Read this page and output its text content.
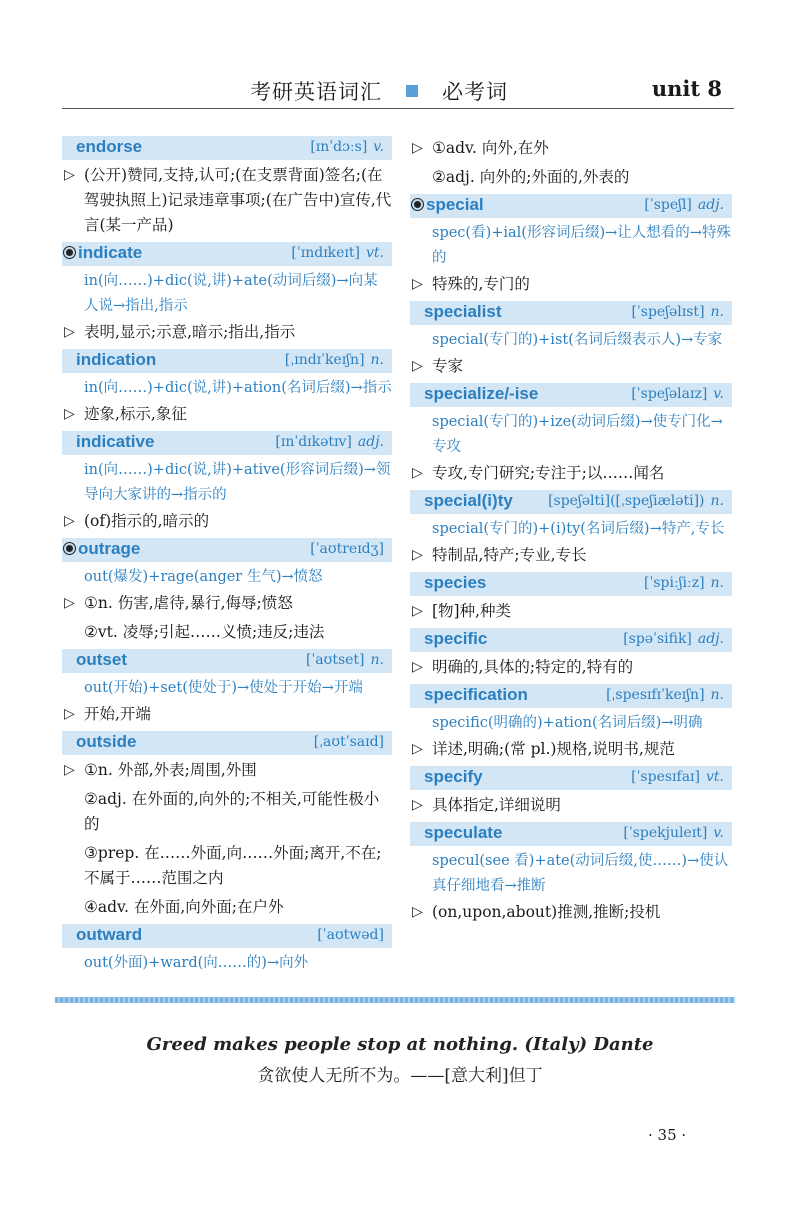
考研英语词汇	必考词	unit 8
endorse	[ɪnˈdɔːs] v.
▷ (公开)赞同,支持,认可;(在支票背面)签名;(在驾驶执照上)记录违章事项;(在广告中)宣传,代言(某一产品)
indicate	[ˈɪndɪkeɪt] vt.
in(向……)+dic(说,讲)+ate(动词后缀)→向某人说→指出,指示
▷ 表明,显示;示意,暗示;指出,指示
indication	[ˌɪndɪˈkeɪʃn] n.
in(向……)+dic(说,讲)+ation(名词后缀)→指示
▷ 迹象,标示,象征
indicative	[ɪnˈdɪkətɪv] adj.
in(向……)+dic(说,讲)+ative(形容词后缀)→领导向大家讲的→指示的
▷ (of)指示的,暗示的
outrage	[ˈaʊtreɪdʒ]
out(爆发)+rage(anger 生气)→愤怒
▷ ①n. 伤害,虐待,暴行,侮辱;愤怒
②vt. 凌辱;引起……义愤;违反;违法
outset	[ˈaʊtset] n.
out(开始)+set(使处于)→使处于开始→开端
▷ 开始,开端
outside	[ˌaʊtˈsaɪd]
▷ ①n. 外部,外表;周围,外围
②adj. 在外面的,向外的;不相关,可能性极小的
③prep. 在……外面,向……外面;离开,不在;不属于……范围之内
④adv. 在外面,向外面;在户外
outward	[ˈaʊtwəd]
out(外面)+ward(向……的)→向外
▷ ①adv. 向外,在外
②adj. 向外的;外面的,外表的
special	[ˈspeʃl] adj.
spec(看)+ial(形容词后缀)→让人想看的→特殊的
▷ 特殊的,专门的
specialist	[ˈspeʃəlɪst] n.
special(专门的)+ist(名词后缀表示人)→专家
▷ 专家
specialize/-ise	[ˈspeʃəlaɪz] v.
special(专门的)+ize(动词后缀)→使专门化→专攻
▷ 专攻,专门研究;专注于;以……闻名
special(i)ty	[speʃəlti]([ˌspeʃiæləti]) n.
special(专门的)+(i)ty(名词后缀)→特产,专长
▷ 特制品,特产;专业,专长
species	[ˈspiːʃiːz] n.
▷ [物]种,种类
specific	[spəˈsifik] adj.
▷ 明确的,具体的;特定的,特有的
specification	[ˌspesɪfɪˈkeɪʃn] n.
specific(明确的)+ation(名词后缀)→明确
▷ 详述,明确;(常 pl.)规格,说明书,规范
specify	[ˈspesɪfaɪ] vt.
▷ 具体指定,详细说明
speculate	[ˈspekjuleɪt] v.
specul(see 看)+ate(动词后缀,使……)→使认真仔细地看→推断
▷ (on,upon,about)推测,推断;投机
Greed makes people stop at nothing. (Italy) Dante
贪欲使人无所不为。——[意大利]但丁
· 35 ·
